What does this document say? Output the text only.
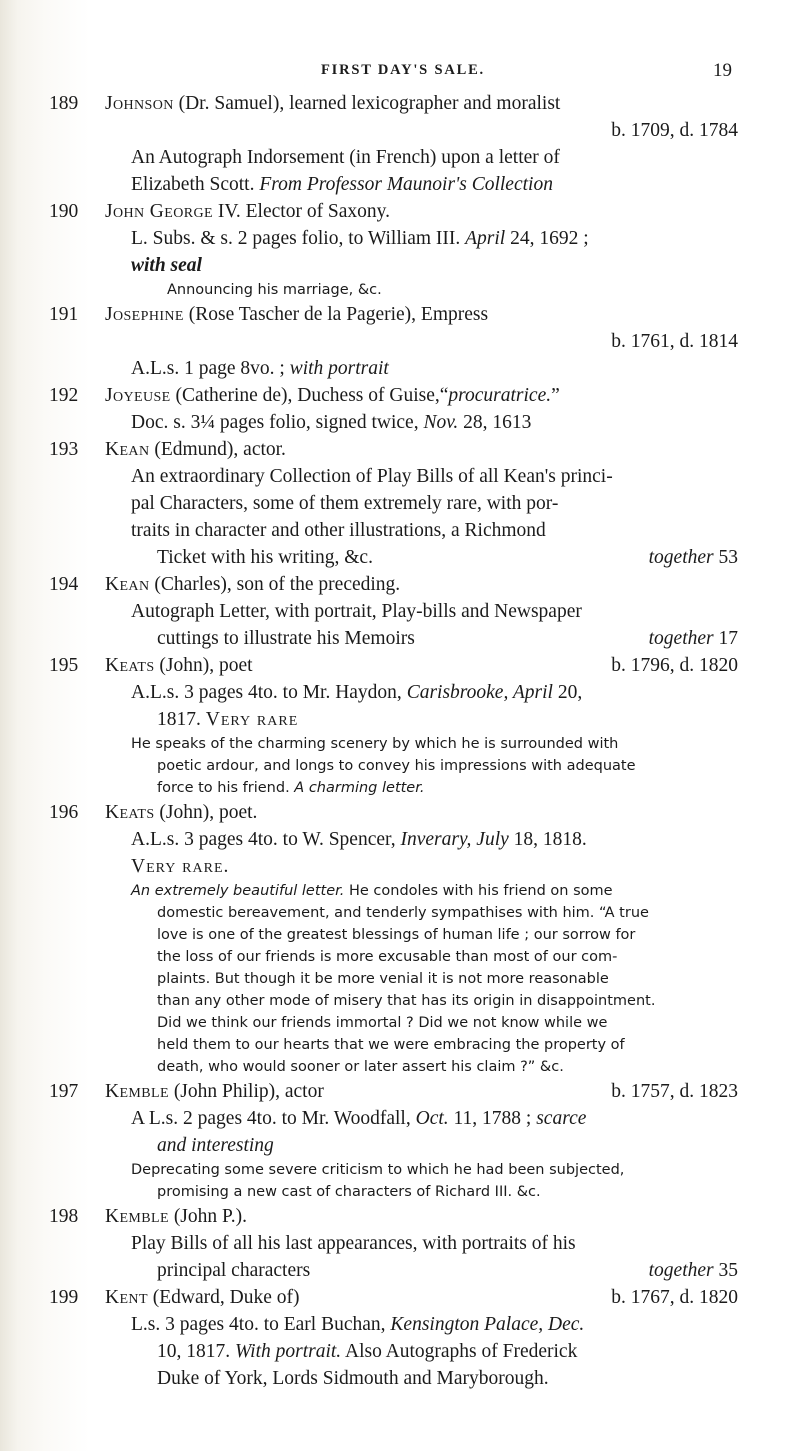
FIRST DAY'S SALE.	19
189 Johnson (Dr. Samuel), learned lexicographer and moralist
b. 1709, d. 1784
An Autograph Indorsement (in French) upon a letter of
Elizabeth Scott. From Professor Maunoir's Collection
190 John George IV. Elector of Saxony.
L. Subs. & s. 2 pages folio, to William III. April 24, 1692 ;
with seal
Announcing his marriage, &c.
191 Josephine (Rose Tascher de la Pagerie), Empress
b. 1761, d. 1814
A.L.s. 1 page 8vo. ; with portrait
192 Joyeuse (Catherine de), Duchess of Guise,“procuratrice.”
Doc. s. 3¼ pages folio, signed twice, Nov. 28, 1613
193 Kean (Edmund), actor.
An extraordinary Collection of Play Bills of all Kean's princi-
pal Characters, some of them extremely rare, with por-
traits in character and other illustrations, a Richmond
Ticket with his writing, &c.	together 53
194 Kean (Charles), son of the preceding.
Autograph Letter, with portrait, Play-bills and Newspaper
cuttings to illustrate his Memoirs	together 17
195 Keats (John), poet	b. 1796, d. 1820
A.L.s. 3 pages 4to. to Mr. Haydon, Carisbrooke, April 20,
1817. Very rare
He speaks of the charming scenery by which he is surrounded with
poetic ardour, and longs to convey his impressions with adequate
force to his friend. A charming letter.
196 Keats (John), poet.
A.L.s. 3 pages 4to. to W. Spencer, Inverary, July 18, 1818.
Very rare.
An extremely beautiful letter. He condoles with his friend on some
domestic bereavement, and tenderly sympathises with him. “A true
love is one of the greatest blessings of human life ; our sorrow for
the loss of our friends is more excusable than most of our com-
plaints. But though it be more venial it is not more reasonable
than any other mode of misery that has its origin in disappointment.
Did we think our friends immortal ? Did we not know while we
held them to our hearts that we were embracing the property of
death, who would sooner or later assert his claim ?” &c.
197 Kemble (John Philip), actor	b. 1757, d. 1823
A L.s. 2 pages 4to. to Mr. Woodfall, Oct. 11, 1788 ; scarce
and interesting
Deprecating some severe criticism to which he had been subjected,
promising a new cast of characters of Richard III. &c.
198 Kemble (John P.).
Play Bills of all his last appearances, with portraits of his
principal characters	together 35
199 Kent (Edward, Duke of)	b. 1767, d. 1820
L.s. 3 pages 4to. to Earl Buchan, Kensington Palace, Dec.
10, 1817. With portrait. Also Autographs of Frederick
Duke of York, Lords Sidmouth and Maryborough.
